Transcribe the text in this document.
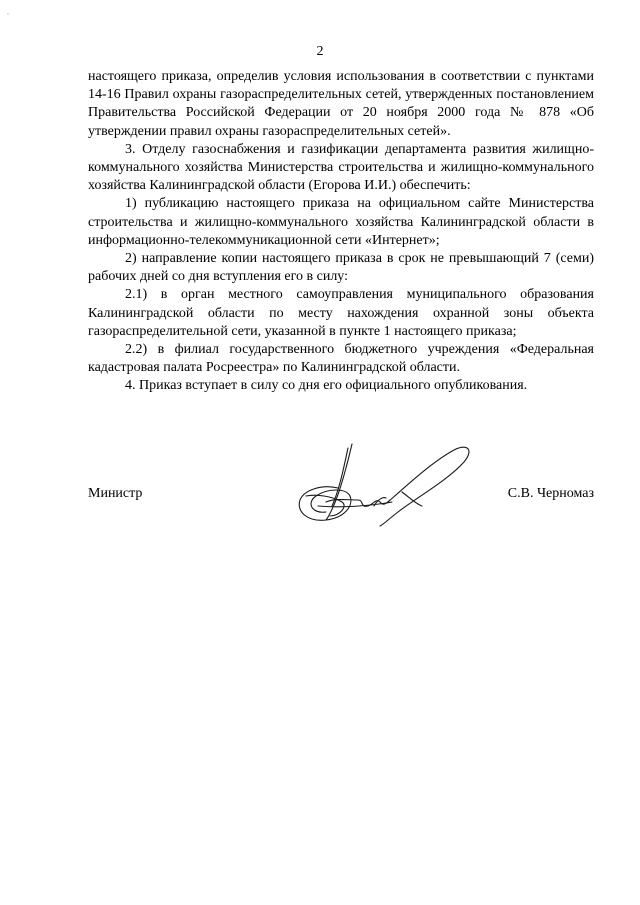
"
2

настоящего приказа, определив условия использования в соответствии с пунктами 14-16 Правил охраны газораспределительных сетей, утвержденных постановлением Правительства Российской Федерации от 20 ноября 2000 года № 878 «Об утверждении правил охраны газораспределительных сетей».

3. Отделу газоснабжения и газификации департамента развития жилищно-коммунального хозяйства Министерства строительства и жилищно-коммунального хозяйства Калининградской области (Егорова И.И.) обеспечить:

1) публикацию настоящего приказа на официальном сайте Министерства строительства и жилищно-коммунального хозяйства Калининградской области в информационно-телекоммуникационной сети «Интернет»;

2) направление копии настоящего приказа в срок не превышающий 7 (семи) рабочих дней со дня вступления его в силу:

2.1) в орган местного самоуправления муниципального образования Калининградской области по месту нахождения охранной зоны объекта газораспределительной сети, указанной в пункте 1 настоящего приказа;

2.2) в филиал государственного бюджетного учреждения «Федеральная кадастровая палата Росреестра» по Калининградской области.

4. Приказ вступает в силу со дня его официального опубликования.

Министр	С.В. Черномаз
